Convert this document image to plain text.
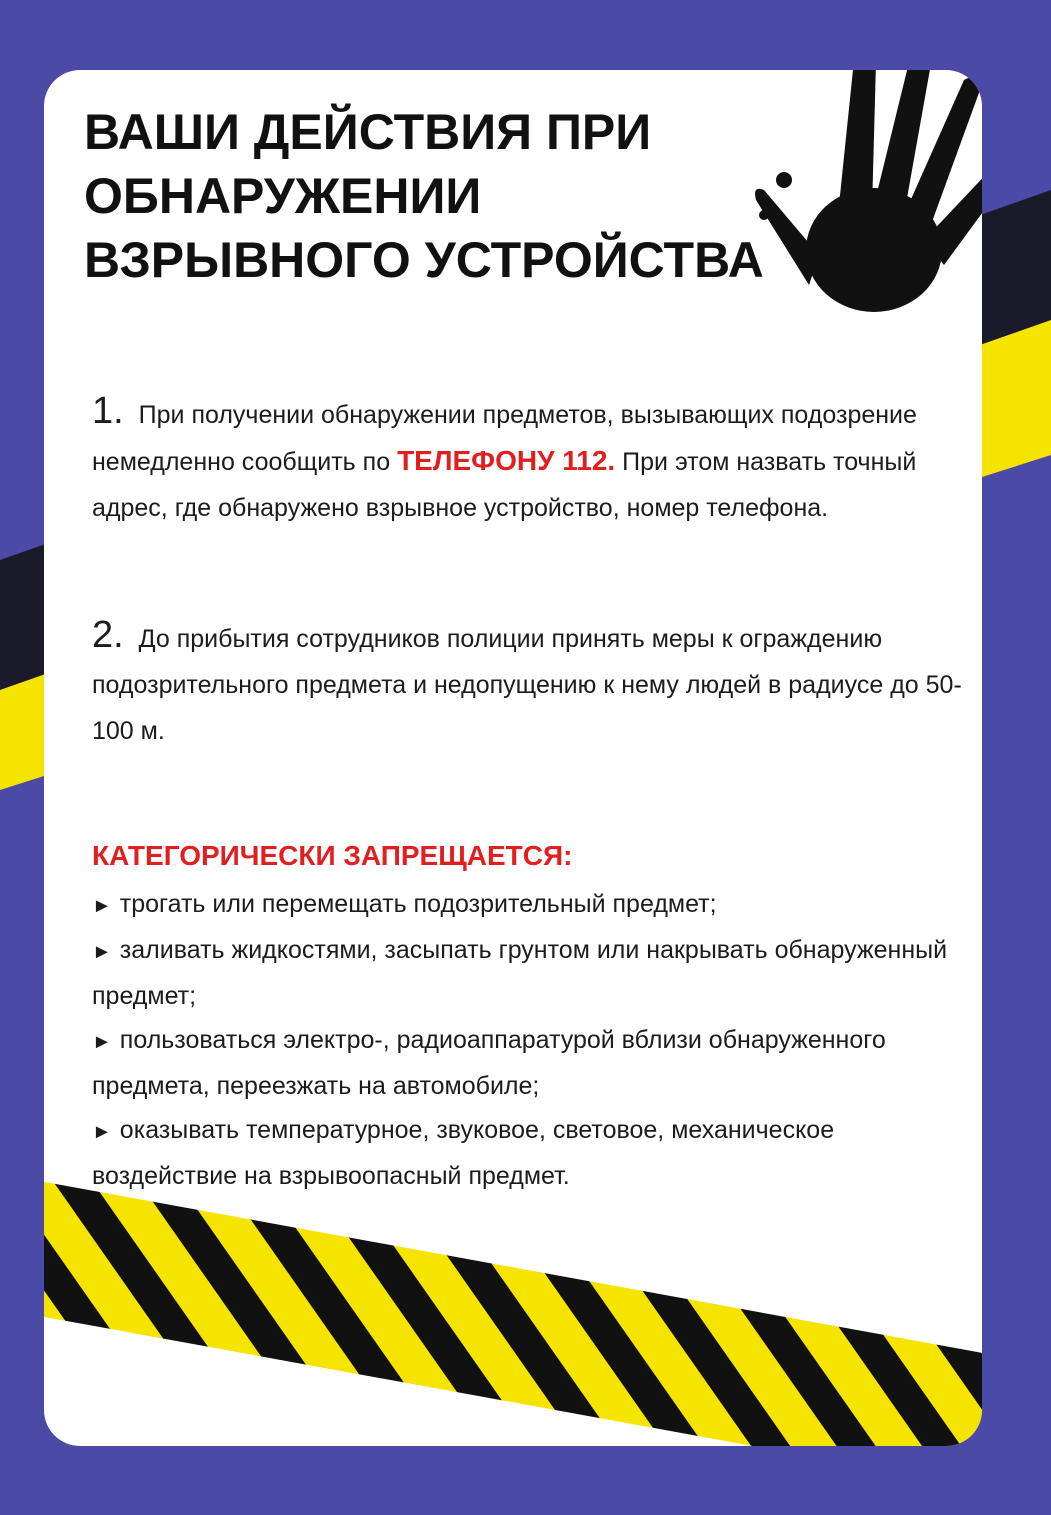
ВАШИ ДЕЙСТВИЯ ПРИ ОБНАРУЖЕНИИ ВЗРЫВНОГО УСТРОЙСТВА

1. При получении обнаружении предметов, вызывающих подозрение немедленно сообщить по ТЕЛЕФОНУ 112. При этом назвать точный адрес, где обнаружено взрывное устройство, номер телефона.

2. До прибытия сотрудников полиции принять меры к ограждению подозрительного предмета и недопущению к нему людей в радиусе до 50-100 м.

КАТЕГОРИЧЕСКИ ЗАПРЕЩАЕТСЯ:
► трогать или перемещать подозрительный предмет;
► заливать жидкостями, засыпать грунтом или накрывать обнаруженный предмет;
► пользоваться электро-, радиоаппаратурой вблизи обнаруженного предмета, переезжать на автомобиле;
► оказывать температурное, звуковое, световое, механическое воздействие на взрывоопасный предмет.
